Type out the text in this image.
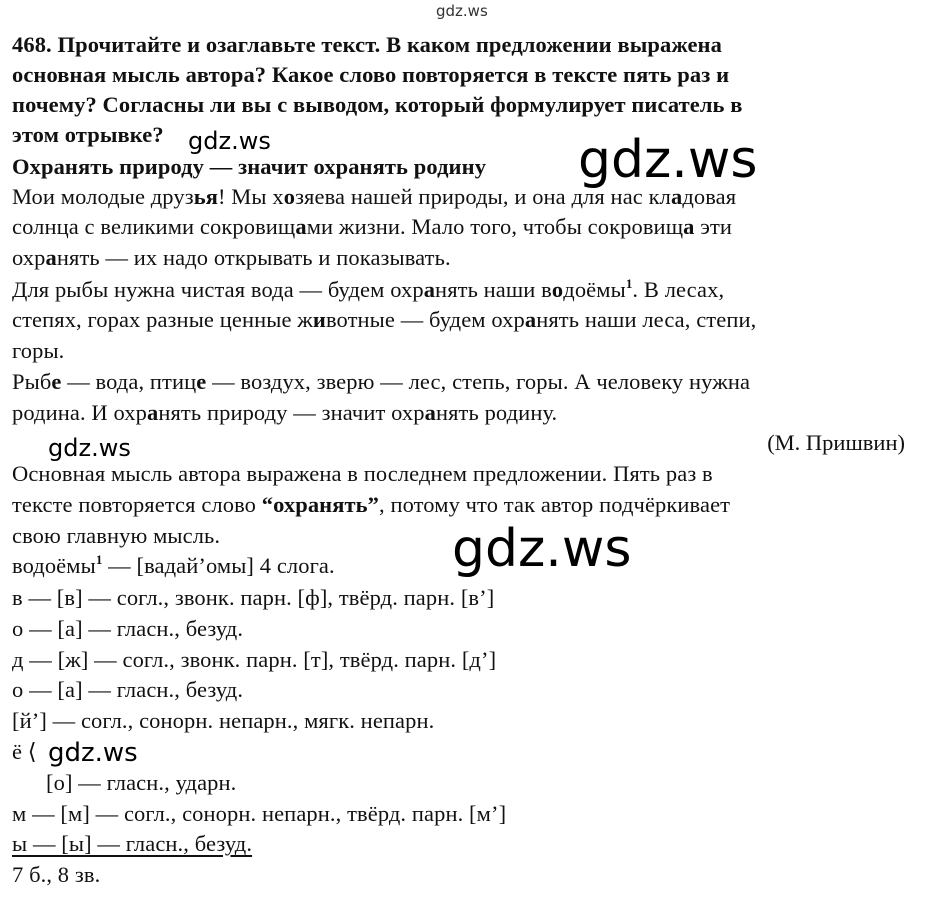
gdz.ws
468. Прочитайте и озаглавьте текст. В каком предложении выражена
основная мысль автора? Какое слово повторяется в тексте пять раз и
почему? Согласны ли вы с выводом, который формулирует писатель в
этом отрывке? gdz.ws
Охранять природу — значит охранять родину gdz.ws
Мои молодые друзья! Мы хозяева нашей природы, и она для нас кладовая
солнца с великими сокровищами жизни. Мало того, чтобы сокровища эти
охранять — их надо открывать и показывать.
Для рыбы нужна чистая вода — будем охранять наши водоёмы$^1$. В лесах,
степях, горах разные ценные животные — будем охранять наши леса, степи,
горы.
Рыбе — вода, птице — воздух, зверю — лес, степь, горы. А человеку нужна
родина. И охранять природу — значит охранять родину.
(М. Пришвин)
gdz.ws
Основная мысль автора выражена в последнем предложении. Пять раз в
тексте повторяется слово “охранять”, потому что так автор подчёркивает
свою главную мысль.	gdz.ws
водоёмы$^1$ — [вадай’омы] 4 слога.
в — [в] — согл., звонк. парн. [ф], твёрд. парн. [в’]
о — [а] — гласн., безуд.
д — [ж] — согл., звонк. парн. [т], твёрд. парн. [д’]
о — [а] — гласн., безуд.
[й’] — согл., сонорн. непарн., мягк. непарн.
ё ⟨ gdz.ws
[о] — гласн., ударн.
м — [м] — согл., сонорн. непарн., твёрд. парн. [м’]
ы — [ы] — гласн., безуд.
7 б., 8 зв.
